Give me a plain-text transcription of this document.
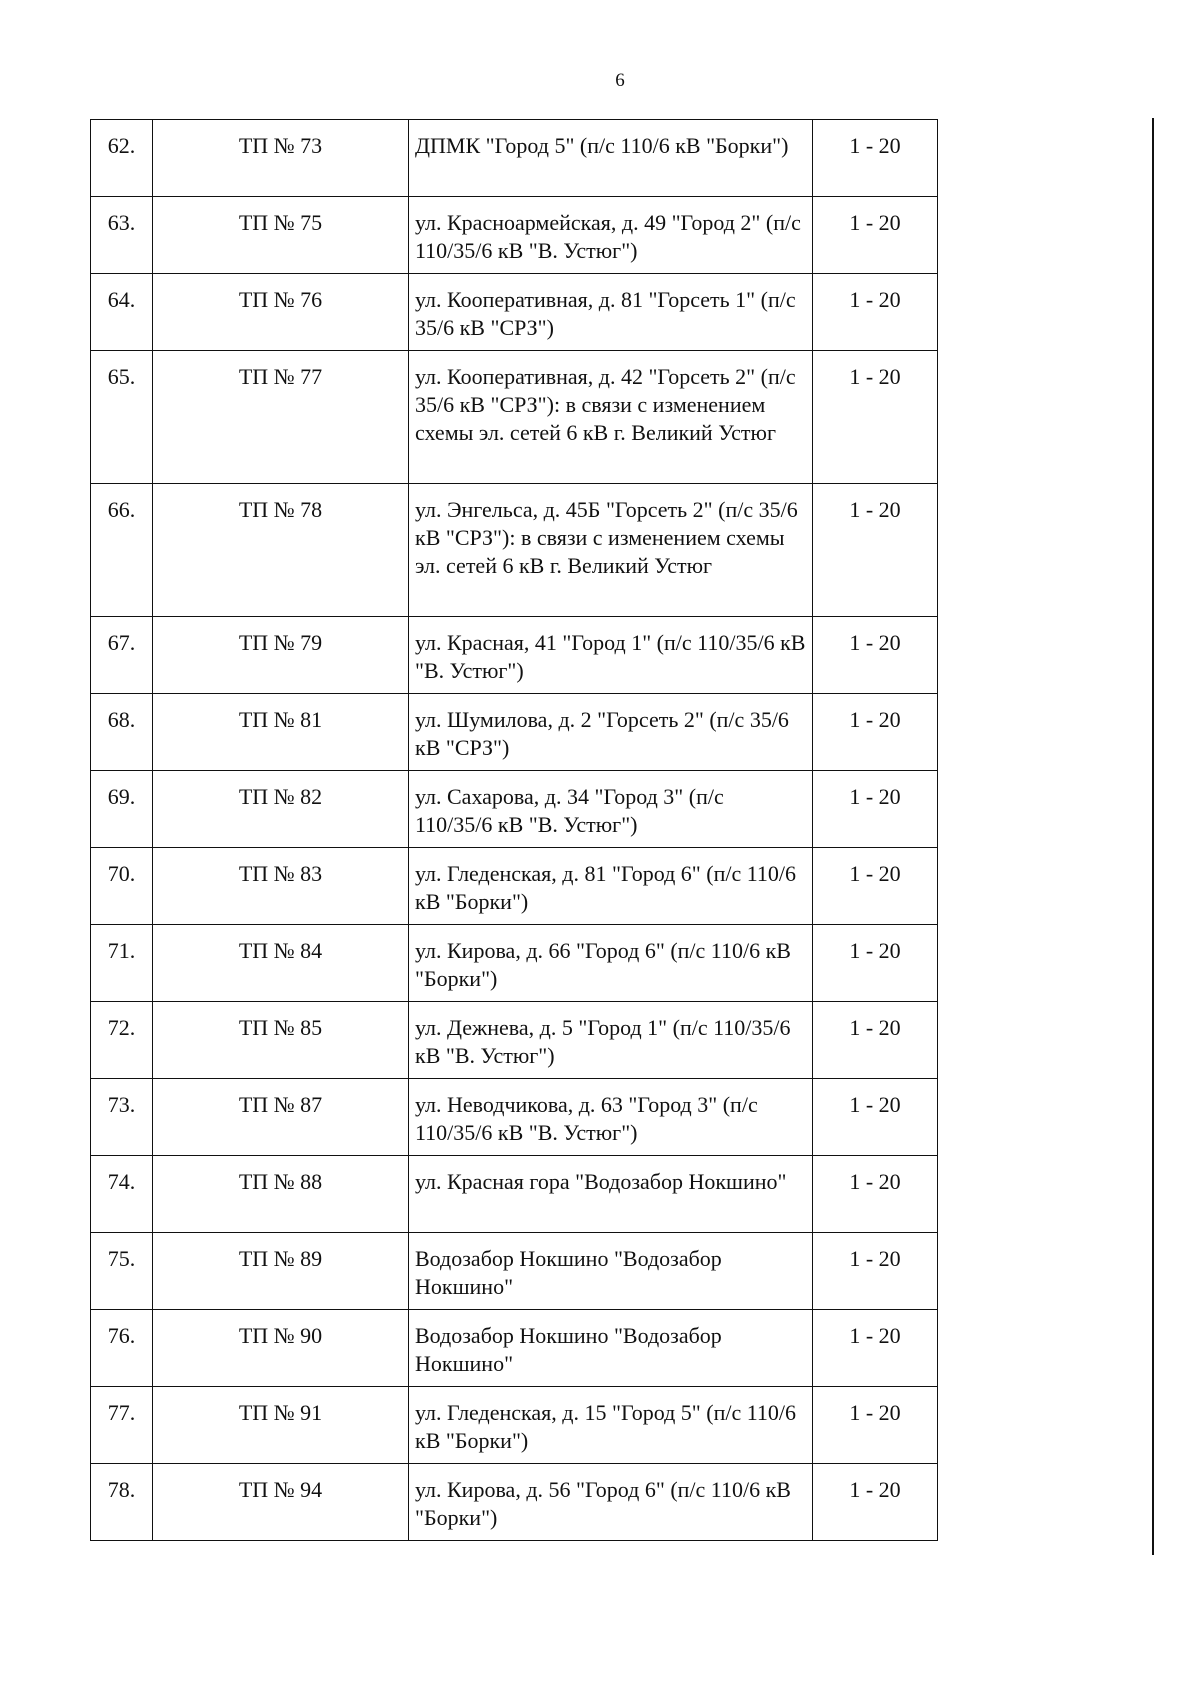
6
62.	ТП № 73	ДПМК "Город 5" (п/с 110/6 кВ "Борки")	1 - 20
63.	ТП № 75	ул. Красноармейская, д. 49 "Город 2" (п/с 110/35/6 кВ "В. Устюг")	1 - 20
64.	ТП № 76	ул. Кооперативная, д. 81 "Горсеть 1" (п/с 35/6 кВ "СРЗ")	1 - 20
65.	ТП № 77	ул. Кооперативная, д. 42 "Горсеть 2" (п/с 35/6 кВ "СРЗ"): в связи с изменением схемы эл. сетей 6 кВ г. Великий Устюг	1 - 20
66.	ТП № 78	ул. Энгельса, д. 45Б "Горсеть 2" (п/с 35/6 кВ "СРЗ"): в связи с изменением схемы эл. сетей 6 кВ г. Великий Устюг	1 - 20
67.	ТП № 79	ул. Красная, 41 "Город 1" (п/с 110/35/6 кВ "В. Устюг")	1 - 20
68.	ТП № 81	ул. Шумилова, д. 2 "Горсеть 2" (п/с 35/6 кВ "СРЗ")	1 - 20
69.	ТП № 82	ул. Сахарова, д. 34 "Город 3" (п/с 110/35/6 кВ "В. Устюг")	1 - 20
70.	ТП № 83	ул. Гледенская, д. 81 "Город 6" (п/с 110/6 кВ "Борки")	1 - 20
71.	ТП № 84	ул. Кирова, д. 66 "Город 6" (п/с 110/6 кВ "Борки")	1 - 20
72.	ТП № 85	ул. Дежнева, д. 5 "Город 1" (п/с 110/35/6 кВ "В. Устюг")	1 - 20
73.	ТП № 87	ул. Неводчикова, д. 63 "Город 3" (п/с 110/35/6 кВ "В. Устюг")	1 - 20
74.	ТП № 88	ул. Красная гора "Водозабор Нокшино"	1 - 20
75.	ТП № 89	Водозабор Нокшино "Водозабор Нокшино"	1 - 20
76.	ТП № 90	Водозабор Нокшино "Водозабор Нокшино"	1 - 20
77.	ТП № 91	ул. Гледенская, д. 15 "Город 5" (п/с 110/6 кВ "Борки")	1 - 20
78.	ТП № 94	ул. Кирова, д. 56 "Город 6" (п/с 110/6 кВ "Борки")	1 - 20
